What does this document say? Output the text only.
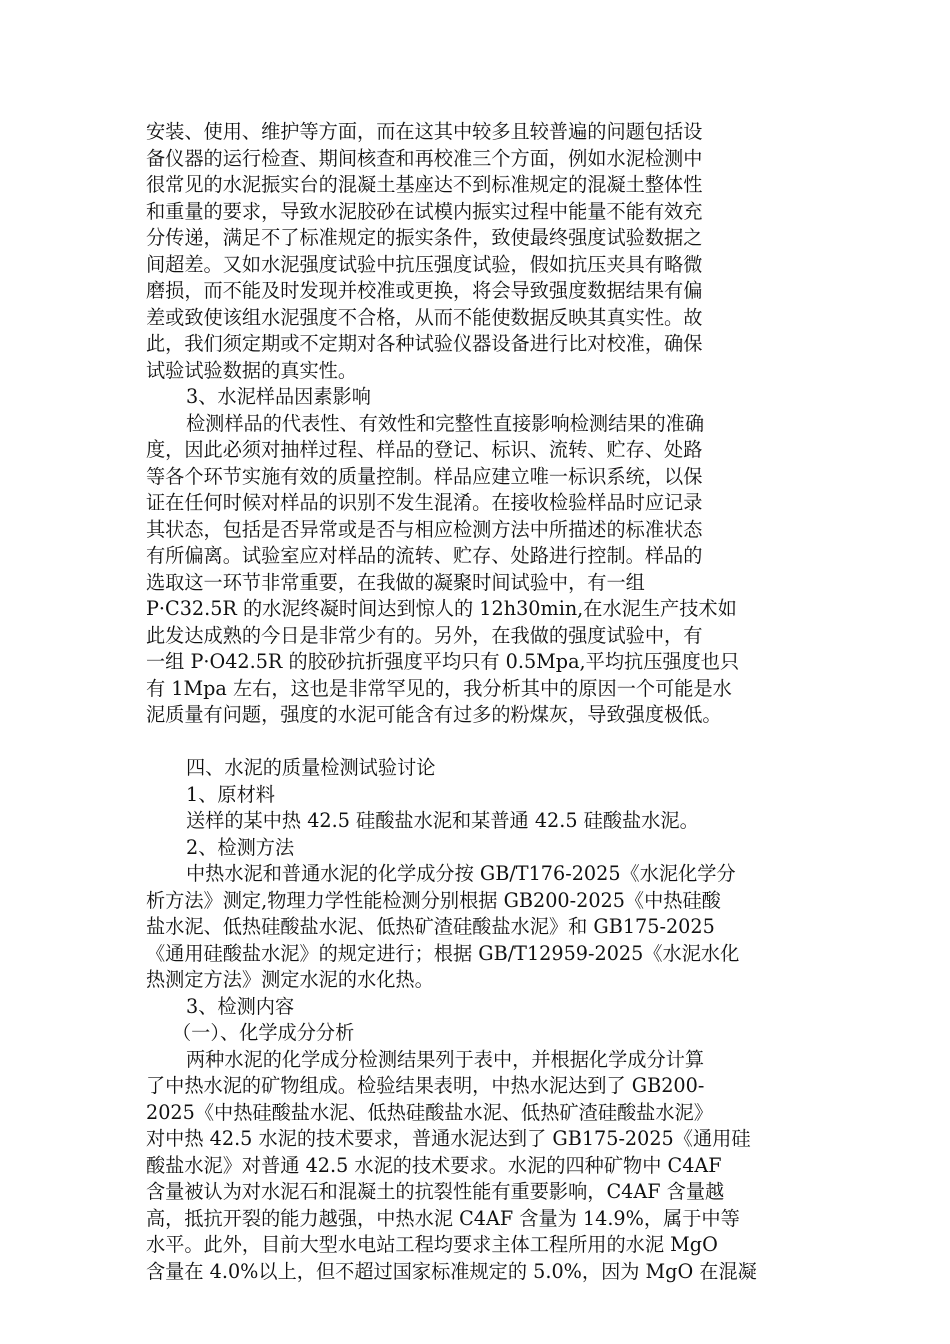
安装、使用、维护等方面，而在这其中较多且较普遍的问题包括设
备仪器的运行检查、期间核查和再校准三个方面，例如水泥检测中
很常见的水泥振实台的混凝土基座达不到标准规定的混凝土整体性
和重量的要求，导致水泥胶砂在试模内振实过程中能量不能有效充
分传递，满足不了标准规定的振实条件，致使最终强度试验数据之
间超差。又如水泥强度试验中抗压强度试验，假如抗压夹具有略微
磨损，而不能及时发现并校准或更换，将会导致强度数据结果有偏
差或致使该组水泥强度不合格，从而不能使数据反映其真实性。故
此，我们须定期或不定期对各种试验仪器设备进行比对校准，确保
试验试验数据的真实性。
3、水泥样品因素影响
检测样品的代表性、有效性和完整性直接影响检测结果的准确
度，因此必须对抽样过程、样品的登记、标识、流转、贮存、处路
等各个环节实施有效的质量控制。样品应建立唯一标识系统，以保
证在任何时候对样品的识别不发生混淆。在接收检验样品时应记录
其状态，包括是否异常或是否与相应检测方法中所描述的标准状态
有所偏离。试验室应对样品的流转、贮存、处路进行控制。样品的
选取这一环节非常重要，在我做的凝聚时间试验中，有一组
P·C32.5R 的水泥终凝时间达到惊人的 12h30min,在水泥生产技术如
此发达成熟的今日是非常少有的。另外，在我做的强度试验中，有
一组 P·O42.5R 的胶砂抗折强度平均只有 0.5Mpa,平均抗压强度也只
有 1Mpa 左右，这也是非常罕见的，我分析其中的原因一个可能是水
泥质量有问题，强度的水泥可能含有过多的粉煤灰，导致强度极低。
四、水泥的质量检测试验讨论
1、原材料
送样的某中热 42.5 硅酸盐水泥和某普通 42.5 硅酸盐水泥。
2、检测方法
中热水泥和普通水泥的化学成分按 GB/T176-2025《水泥化学分
析方法》测定,物理力学性能检测分别根据 GB200-2025《中热硅酸
盐水泥、低热硅酸盐水泥、低热矿渣硅酸盐水泥》和 GB175-2025
《通用硅酸盐水泥》的规定进行；根据 GB/T12959-2025《水泥水化
热测定方法》测定水泥的水化热。
3、检测内容
（一）、化学成分分析
两种水泥的化学成分检测结果列于表中，并根据化学成分计算
了中热水泥的矿物组成。检验结果表明，中热水泥达到了 GB200-
2025《中热硅酸盐水泥、低热硅酸盐水泥、低热矿渣硅酸盐水泥》
对中热 42.5 水泥的技术要求，普通水泥达到了 GB175-2025《通用硅
酸盐水泥》对普通 42.5 水泥的技术要求。水泥的四种矿物中 C4AF
含量被认为对水泥石和混凝土的抗裂性能有重要影响，C4AF 含量越
高，抵抗开裂的能力越强，中热水泥 C4AF 含量为 14.9%，属于中等
水平。此外，目前大型水电站工程均要求主体工程所用的水泥 MgO
含量在 4.0%以上，但不超过国家标准规定的 5.0%，因为 MgO 在混凝
